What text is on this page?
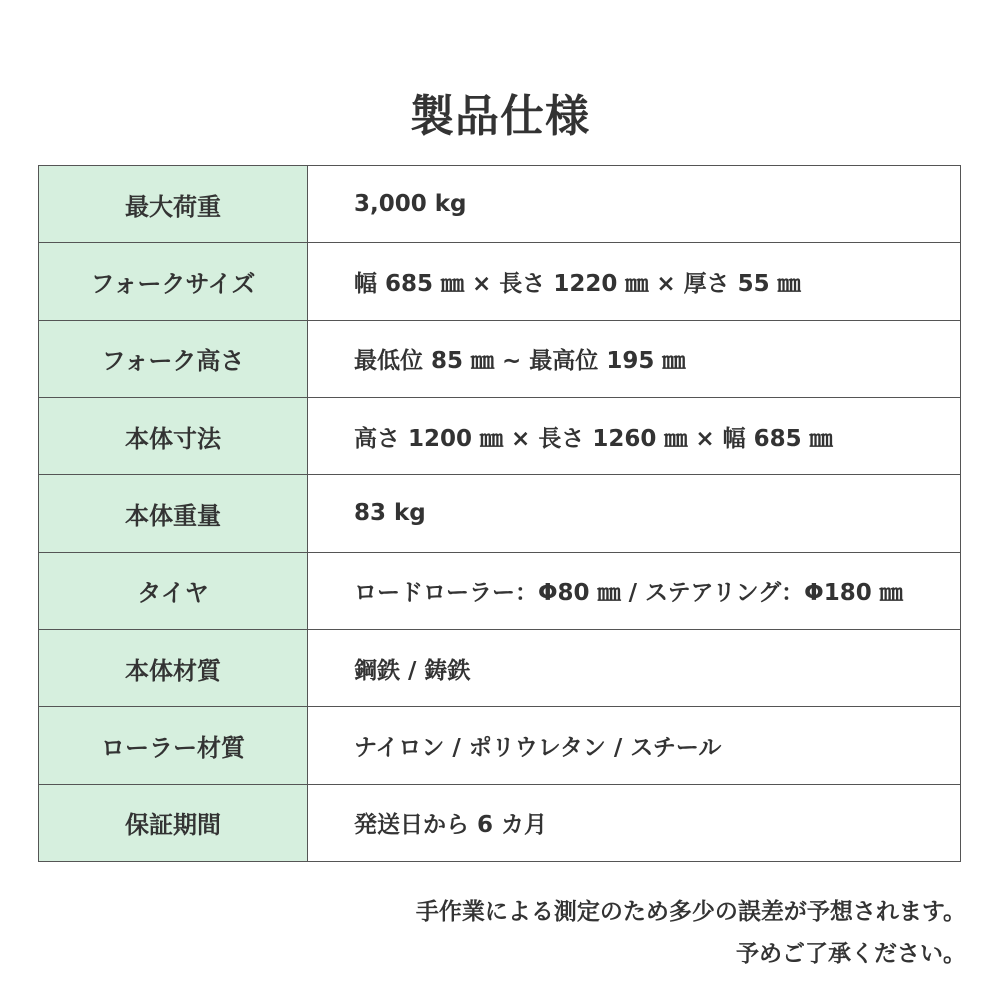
製品仕様
最大荷重	3,000 kg
フォークサイズ	幅 685 ㎜ × 長さ 1220 ㎜ × 厚さ 55 ㎜
フォーク高さ	最低位 85 ㎜ ~ 最高位 195 ㎜
本体寸法	高さ 1200 ㎜ × 長さ 1260 ㎜ × 幅 685 ㎜
本体重量	83 kg
タイヤ	ロードローラー：Φ80 ㎜ / ステアリング：Φ180 ㎜
本体材質	鋼鉄 / 鋳鉄
ローラー材質	ナイロン / ポリウレタン / スチール
保証期間	発送日から 6 カ月
手作業による測定のため多少の誤差が予想されます。
予めご了承ください。
